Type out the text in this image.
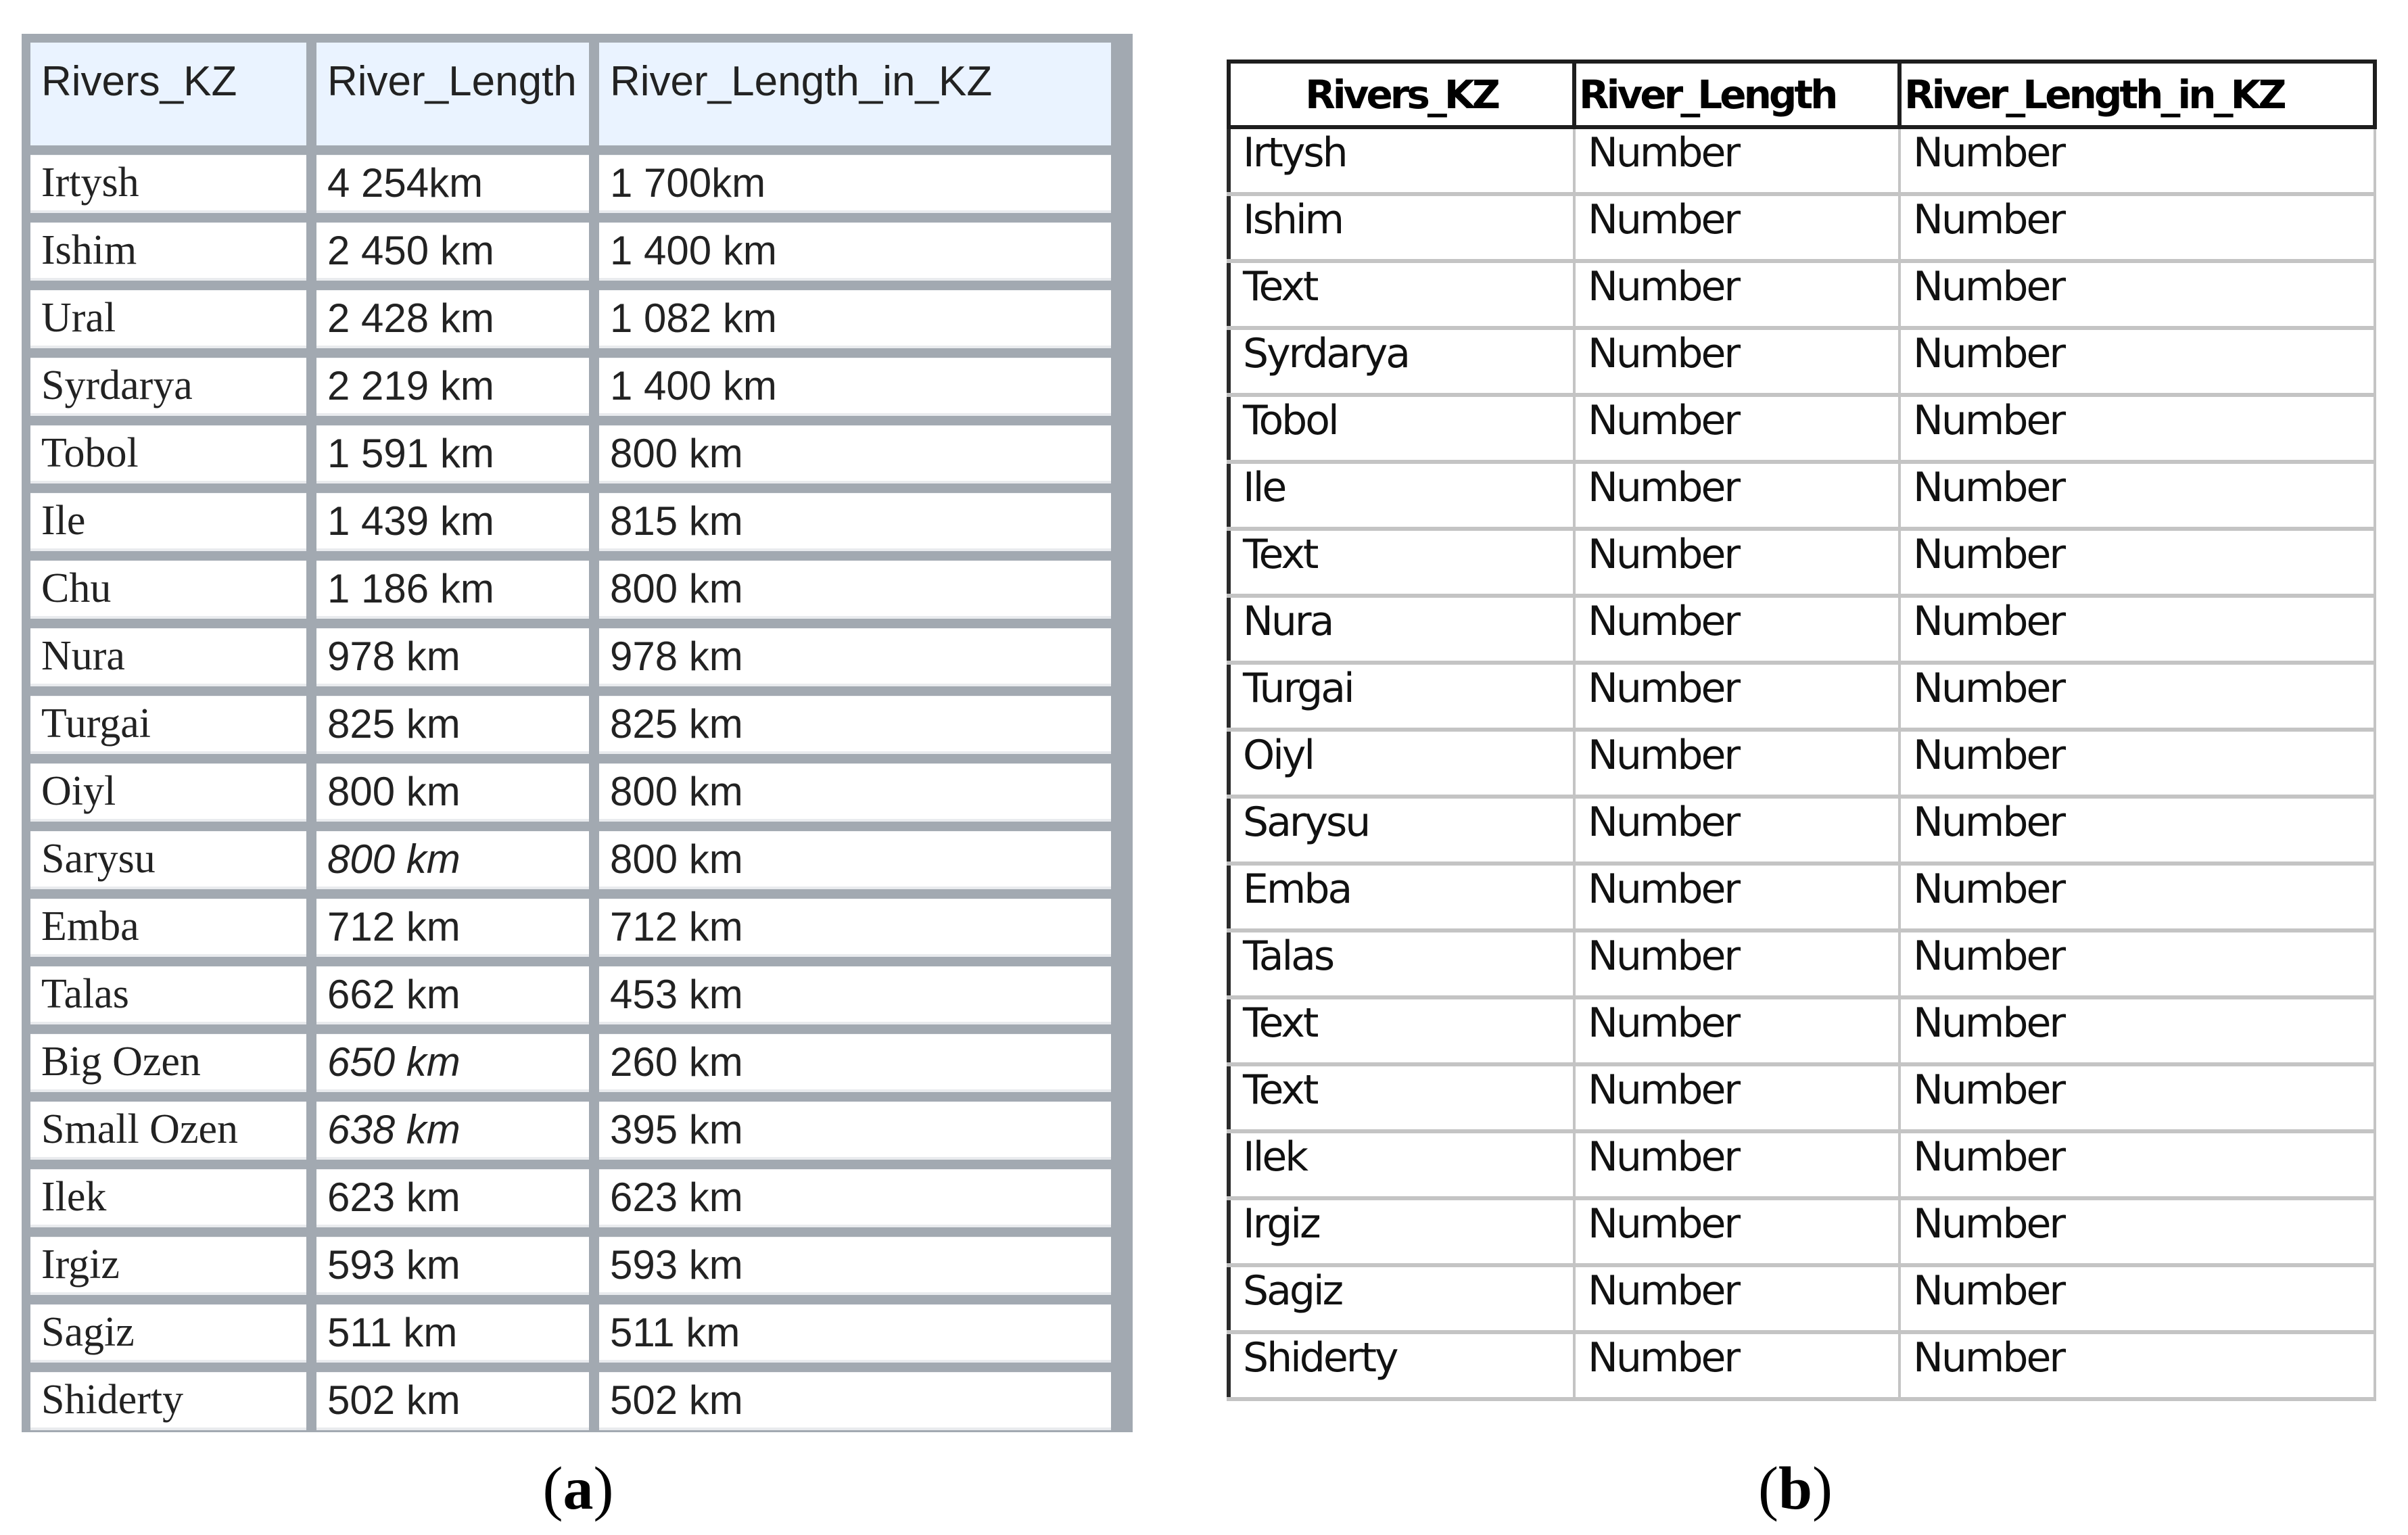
Rivers_KZ	River_Length	River_Length_in_KZ
Irtysh	4 254km	1 700km
Ishim	2 450 km	1 400 km
Ural	2 428 km	1 082 km
Syrdarya	2 219 km	1 400 km
Tobol	1 591 km	800 km
Ile	1 439 km	815 km
Chu	1 186 km	800 km
Nura	978 km	978 km
Turgai	825 km	825 km
Oiyl	800 km	800 km
Sarysu	800 km	800 km
Emba	712 km	712 km
Talas	662 km	453 km
Big Ozen	650 km	260 km
Small Ozen	638 km	395 km
Ilek	623 km	623 km
Irgiz	593 km	593 km
Sagiz	511 km	511 km
Shiderty	502 km	502 km
Rivers_KZ	River_Length	River_Length_in_KZ
Irtysh	Number	Number
Ishim	Number	Number
Text	Number	Number
Syrdarya	Number	Number
Tobol	Number	Number
Ile	Number	Number
Text	Number	Number
Nura	Number	Number
Turgai	Number	Number
Oiyl	Number	Number
Sarysu	Number	Number
Emba	Number	Number
Talas	Number	Number
Text	Number	Number
Text	Number	Number
Ilek	Number	Number
Irgiz	Number	Number
Sagiz	Number	Number
Shiderty	Number	Number
(a)	(b)
